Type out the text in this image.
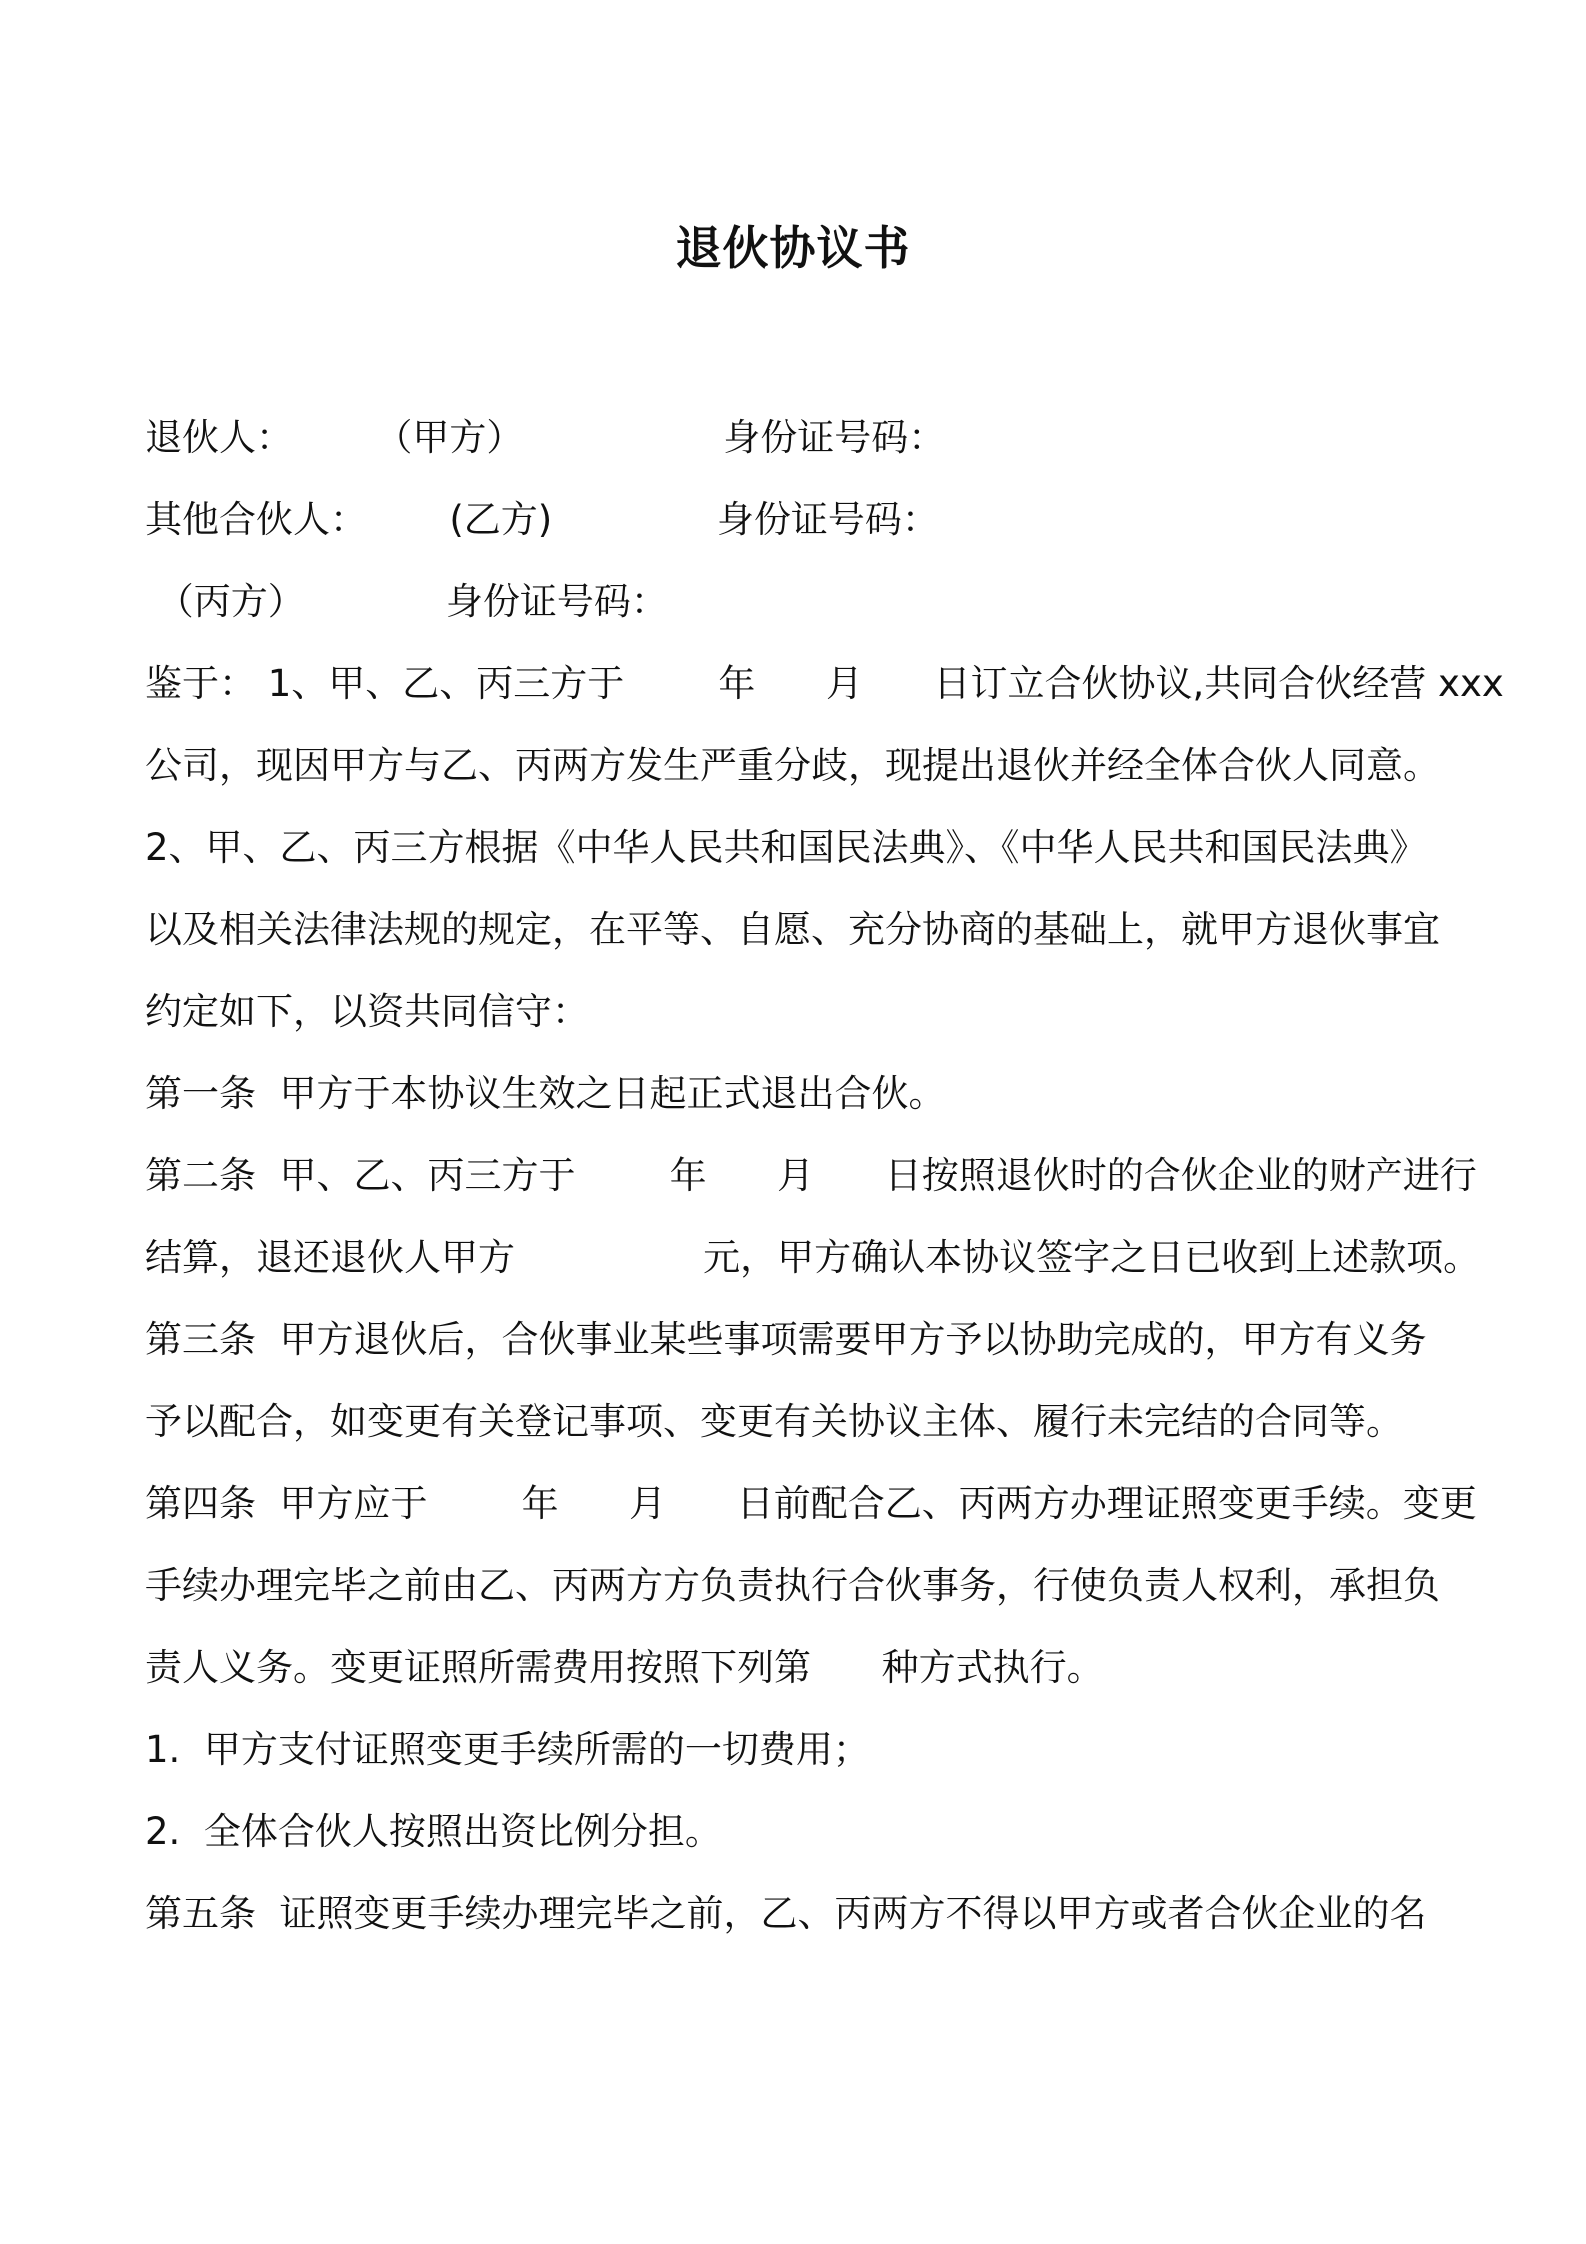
退伙协议书
退伙人：       （甲方）                 身份证号码：
其他合伙人：       (乙方)              身份证号码：
（丙方）            身份证号码：
鉴于： 1、甲、乙、丙三方于        年      月      日订立合伙协议,共同合伙经营 xxx
公司，现因甲方与乙、丙两方发生严重分歧，现提出退伙并经全体合伙人同意。
2、甲、乙、丙三方根据《中华人民共和国民法典》、《中华人民共和国民法典》
以及相关法律法规的规定，在平等、自愿、充分协商的基础上，就甲方退伙事宜
约定如下，以资共同信守：
第一条  甲方于本协议生效之日起正式退出合伙。
第二条  甲、乙、丙三方于        年      月      日按照退伙时的合伙企业的财产进行
结算，退还退伙人甲方                元，甲方确认本协议签字之日已收到上述款项。
第三条  甲方退伙后，合伙事业某些事项需要甲方予以协助完成的，甲方有义务
予以配合，如变更有关登记事项、变更有关协议主体、履行未完结的合同等。
第四条  甲方应于        年      月      日前配合乙、丙两方办理证照变更手续。变更
手续办理完毕之前由乙、丙两方方负责执行合伙事务，行使负责人权利，承担负
责人义务。变更证照所需费用按照下列第      种方式执行。
1.  甲方支付证照变更手续所需的一切费用；
2.  全体合伙人按照出资比例分担。
第五条  证照变更手续办理完毕之前，乙、丙两方不得以甲方或者合伙企业的名
